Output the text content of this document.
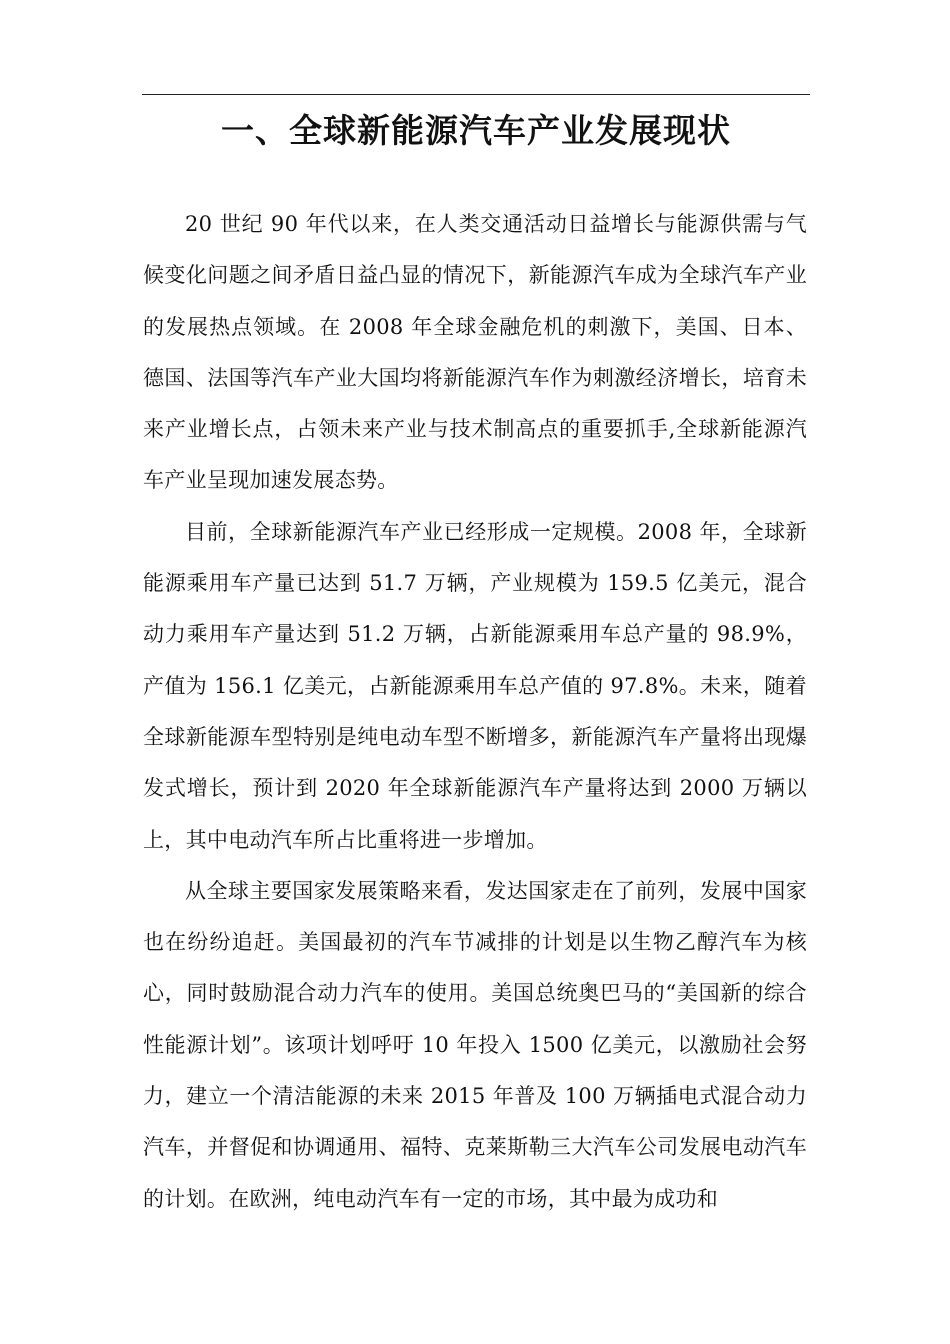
一、全球新能源汽车产业发展现状

20 世纪 90 年代以来，在人类交通活动日益增长与能源供需与气候变化问题之间矛盾日益凸显的情况下，新能源汽车成为全球汽车产业的发展热点领域。在 2008 年全球金融危机的刺激下，美国、日本、德国、法国等汽车产业大国均将新能源汽车作为刺激经济增长，培育未来产业增长点，占领未来产业与技术制高点的重要抓手,全球新能源汽车产业呈现加速发展态势。

目前，全球新能源汽车产业已经形成一定规模。2008 年，全球新能源乘用车产量已达到 51.7 万辆，产业规模为 159.5 亿美元，混合动力乘用车产量达到 51.2 万辆，占新能源乘用车总产量的 98.9%，产值为 156.1 亿美元，占新能源乘用车总产值的 97.8%。未来，随着全球新能源车型特别是纯电动车型不断增多，新能源汽车产量将出现爆发式增长，预计到 2020 年全球新能源汽车产量将达到 2000 万辆以上，其中电动汽车所占比重将进一步增加。

从全球主要国家发展策略来看，发达国家走在了前列，发展中国家也在纷纷追赶。美国最初的汽车节减排的计划是以生物乙醇汽车为核心，同时鼓励混合动力汽车的使用。美国总统奥巴马的“美国新的综合性能源计划”。该项计划呼吁 10 年投入 1500 亿美元，以激励社会努力，建立一个清洁能源的未来 2015 年普及 100 万辆插电式混合动力汽车，并督促和协调通用、福特、克莱斯勒三大汽车公司发展电动汽车的计划。在欧洲，纯电动汽车有一定的市场，其中最为成功和
